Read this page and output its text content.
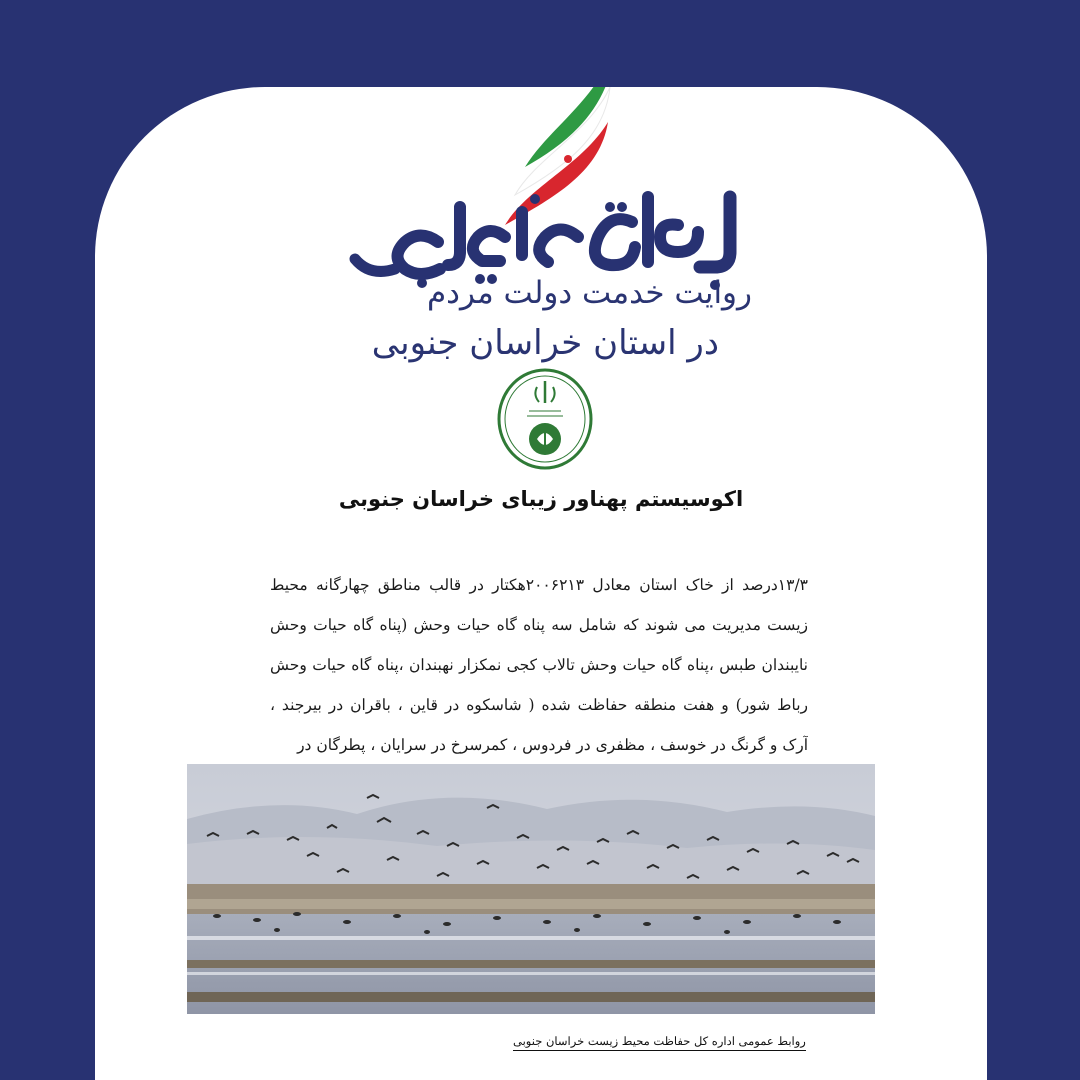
روایت خدمت دولت مردم
در استان خراسان جنوبی
اکوسیستم پهناور زیبای خراسان جنوبی
۱۳/۳درصد از خاک استان معادل ۲۰۰۶۲۱۳هکتار در قالب مناطق چهارگانه محیط زیست مدیریت می شوند که شامل سه پناه گاه حیات وحش (پناه گاه حیات وحش نایبندان طبس ،پناه گاه حیات وحش تالاب کجی نمکزار نهبندان ،پناه گاه حیات وحش رباط شور) و هفت منطقه حفاظت شده ( شاسکوه در قاین ، باقران در بیرجند ، آرک و گرنگ در خوسف ، مظفری در فردوس ، کمرسرخ در سرایان ، پطرگان در
روابط عمومی اداره کل حفاظت محیط زیست خراسان جنوبی
